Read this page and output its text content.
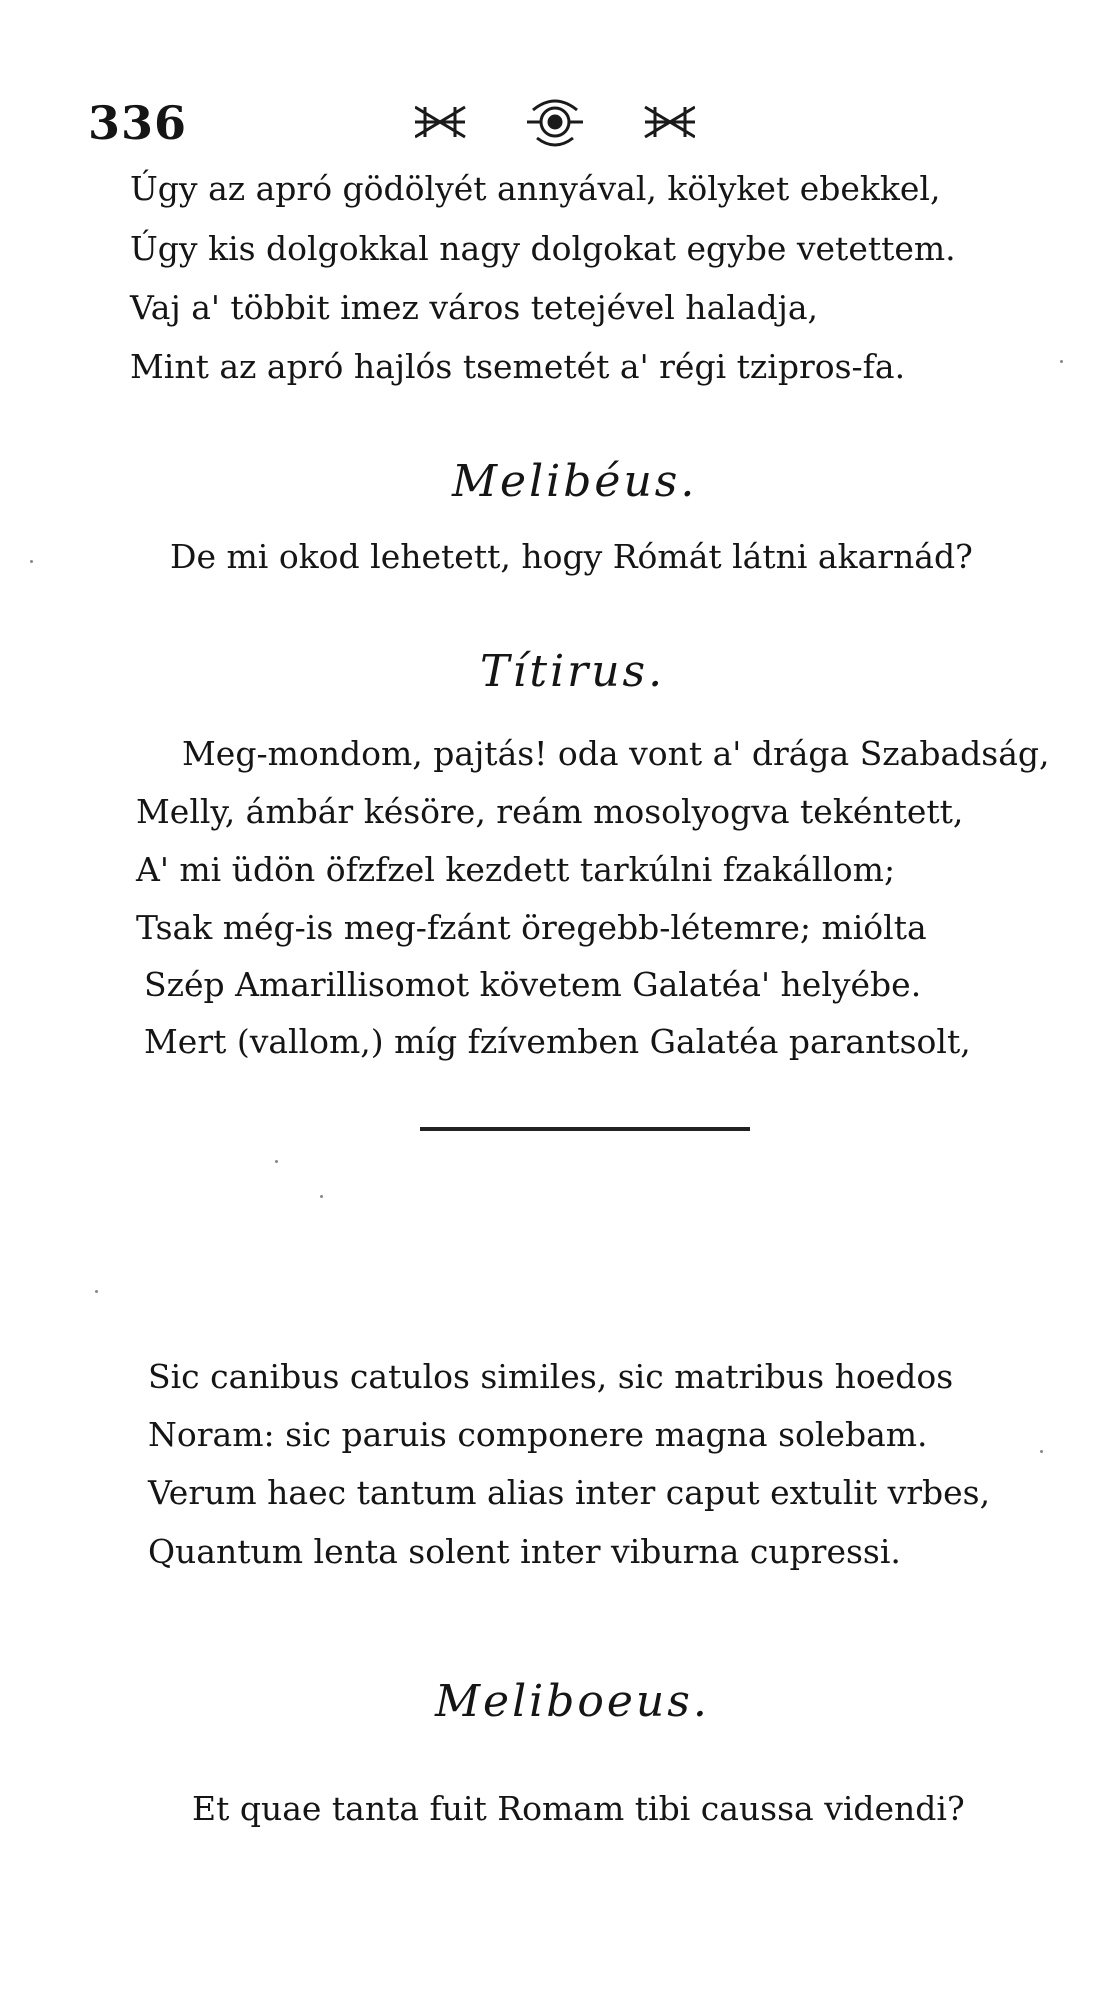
336
Úgy az apró gödölyét annyával, kölyket ebekkel,
Úgy kis dolgokkal nagy dolgokat egybe vetettem.
Vaj a' többit imez város tetejével haladja,
Mint az apró hajlós tsemetét a' régi tzipros-fa.
Melibéus.
De mi okod lehetett, hogy Rómát látni akarnád?
Títirus.
Meg-mondom, pajtás! oda vont a' drága Szabadság,
Melly, ámbár késöre, reám mosolyogva tekéntett,
A' mi üdön öfzfzel kezdett tarkúlni fzakállom;
Tsak még-is meg-fzánt öregebb-létemre; miólta
Szép Amarillisomot követem Galatéa' helyébe.
Mert (vallom,) míg fzívemben Galatéa parantsolt,
Sic canibus catulos similes, sic matribus hoedos
Noram: sic paruis componere magna solebam.
Verum haec tantum alias inter caput extulit vrbes,
Quantum lenta solent inter viburna cupressi.
Meliboeus.
Et quae tanta fuit Romam tibi caussa videndi?
